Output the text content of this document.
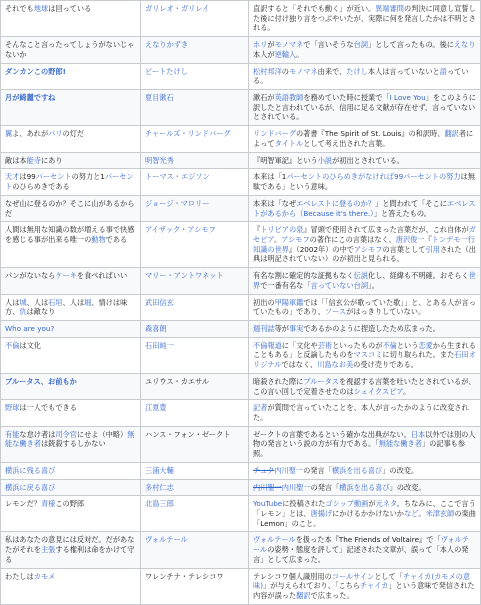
それでも地球は回っている	ガリレオ・ガリレイ	直訳すると「それでも動く」が近い。異端審問の判決に同意し宣誓した後に付け独り言をつぶやいたが、実際に何を発言したかは不明とされる。
そんなこと言ったってしょうがないじゃないか	えなりかずき	ホリがモノマネで「言いそうな台詞」として言ったもの。後にえなり本人が逆輸入。
ダンカンこの野郎!	ビートたけし	松村邦洋のモノマネ由来で、たけし本人は言っていないと語っている。
月が綺麗ですね	夏目漱石	漱石が英語教師を務めていた時に授業で「I Love You」をこのように訳したと言われているが、信用に足る文献が存在せず、言っていないとされている。
翼よ、あれがパリの灯だ	チャールズ・リンドバーグ	リンドバーグの著書『The Spirit of St. Louis』の和訳時、翻訳者によってタイトルとして考え出された言葉。
敵は本能寺にあり	明智光秀	『明智軍記』という小説が初出とされている。
天才は99パーセントの努力と1パーセントのひらめきである	トーマス・エジソン	本来は「1パーセントのひらめきがなければ99パーセントの努力は無駄である」という意味。
なぜ山に登るのか？そこに山があるからだ	ジョージ・マロリー	本来は「なぜエベレストに登るのか？」と問われて「そこにエベレストがあるから（Because it's there.）」と答えたもの。
人間は無用な知識の数が増える事で快感を感じる事が出来る唯一の動物である	アイザック・アシモフ	『トリビアの泉』冒頭で使用されて広まった言葉だが、これ自体がガセビア。アシモフの著作にこの言葉はなく、唐沢俊一『トンデモ一行知識の世界』（2002年）の中でアシモフの言葉として引用された（出典は明記されていない）のが初出と見られる。
パンがないならケーキを食べればいい	マリー・アントワネット	有名な割に確定的な証拠もなく伝説化し、経緯も不明確。おそらく世界で一番有名な「言っていない台詞」。
人は城、人は石垣、人は堀、情けは味方、仇は敵なり	武田信玄	初出の甲陽軍鑑では「「信玄公が歌っていた歌」」と、とある人が言っていたもの」であり、ソースがはっきりしていない。
Who are you?	森喜朗	週刊誌等が事実であるかのように捏造したため広まった。
不倫は文化	石田純一	不倫報道に「文化や芸術といったものが不倫という恋愛から生まれることもある」と反論したものをマスコミに切り取られた。また石田オリジナルではなく、川島なお美の受け売りである。
ブルータス、お前もか	ユリウス・カエサル	暗殺された際にブルータスを視認する言葉を吐いたとされているが、この言い回しで定着させたのはシェイクスピア。
野球は一人でもできる	江夏豊	記者が質問で言っていたことを、本人が言ったかのように改変された。
有能な怠け者は司令官にせよ（中略）無能な働き者は銃殺するしかない	ハンス・フォン・ゼークト	ゼークトの言葉であるという確かな出典がない。日本以外では別の人物の発言という説の方が有力である。「無能な働き者」の記事も参照。
横浜に残る喜び	三浦大輔	チュク内川聖一の発言「横浜を出る喜び」の改変。
横浜に戻る喜び	多村仁志	内川聖一内川聖一の発言「横浜を出る喜び」の改変。
レモンだ？青様この野郎	北島三郎	YouTubeに投稿されたゴシップ動画が元ネタ。ちなみに、ここで言う「レモン」とは、唐揚げにかけるかかけないかなど。米津玄師の楽曲「Lemon」のこと。
私はあなたの意見には反対だ。だがあなたがそれを主張する権利は命をかけて守る	ヴォルテール	ヴォルテールを扱った本『The Friends of Voltaire』で「ヴォルテールの姿勢・態度を評して」記述された文章が、誤って「本人の発言」として広まった。
わたしはカモメ	ワレンチナ・テレシコワ	テレシコワ個人識別用のコールサインとして「チャイカ(カモメの意味)」が与えられており、「こちらチャイカ」という意味で発信された内容が誤った翻訳で広まった。
